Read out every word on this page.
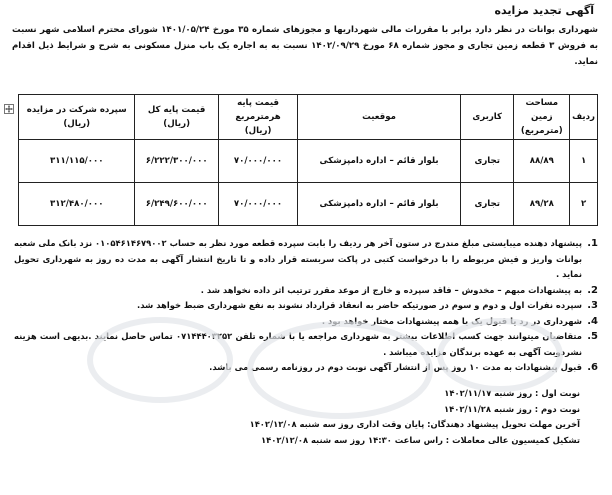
آگهی تجدید مزایده
شهرداری بوانات در نظر دارد برابر با مقررات مالی شهرداریها و مجوزهای شماره ۳۵ مورخ ۱۴۰۱/۰۵/۲۴ شورای محترم اسلامی شهر نسبت به فروش ۳ قطعه زمین تجاری و مجوز شماره ۶۸ مورخ ۱۴۰۲/۰۹/۲۹ نسبت به به اجاره یک باب منزل مسکونی به شرح و شرایط ذیل اقدام نماید.
ردیف	مساحت زمین (مترمربع)	کاربری	موقعیت	قیمت پایه هرمترمربع (ریال)	قیمت پایه کل (ریال)	سپرده شرکت در مزایده (ریال)
۱	۸۸/۸۹	تجاری	بلوار قائم – اداره دامپزشکی	۷۰/۰۰۰/۰۰۰	۶/۲۲۲/۳۰۰/۰۰۰	۳۱۱/۱۱۵/۰۰۰
۲	۸۹/۲۸	تجاری	بلوار قائم – اداره دامپزشکی	۷۰/۰۰۰/۰۰۰	۶/۲۴۹/۶۰۰/۰۰۰	۳۱۲/۴۸۰/۰۰۰
1.
پیشنهاد دهنده میبایستی مبلغ مندرج در ستون آخر هر ردیف را بابت سپرده قطعه مورد نظر به حساب ۰۱۰۵۴۶۱۴۶۷۹۰۰۲ نزد بانک ملی شعبه بوانات واریز و فیش مربوطه را با درخواست کتبی در پاکت سربسته قرار داده و تا تاریخ انتشار آگهی به مدت ده روز به شهرداری تحویل نماید .
2.
به پیشنهادات مبهم – مخدوش – فاقد سپرده و خارج از موعد مقرر ترتیب اثر داده نخواهد شد .
3.
سپرده نفرات اول و دوم و سوم در صورتیکه حاضر به انعقاد قرارداد نشوند به نفع شهرداری ضبط خواهد شد.
4.
شهرداری در رد یا قبول یک یا همه پیشنهادات مختار خواهد بود .
5.
متقاضیان میتوانند جهت کسب اطلاعات بیشتر به شهرداری مراجعه یا با شماره تلفن ۰۷۱۴۴۴۰۳۲۵۲ تماس حاصل نمایند .بدیهی است هزینه نشردوبت آگهی به عهده برندگان مزایده میباشد .
6.
قبول پیشنهادات به مدت ۱۰ روز پس از انتشار آگهی نوبت دوم در روزنامه رسمی می باشد.
نوبت اول : روز شنبه ۱۴۰۲/۱۱/۱۷
نوبت دوم : روز شنبه ۱۴۰۲/۱۱/۲۸
آخرین مهلت تحویل پیشنهاد دهندگان: پایان وقت اداری روز سه شنبه ۱۴۰۲/۱۲/۰۸
تشکیل کمیسیون عالی معاملات : راس ساعت ۱۴:۳۰ روز سه شنبه ۱۴۰۲/۱۲/۰۸
